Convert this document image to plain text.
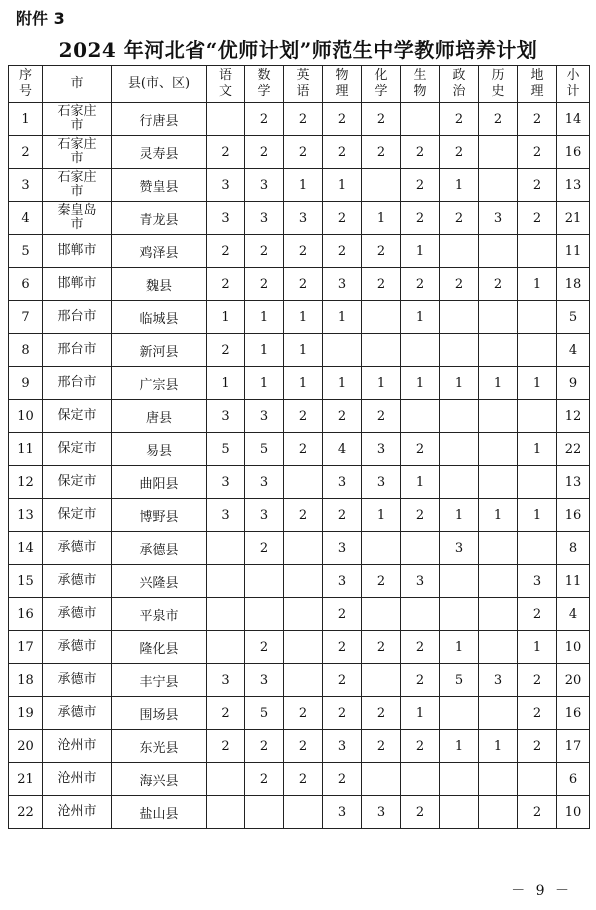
附件 3
2024 年河北省“优师计划”师范生中学教师培养计划
序号	市	县(市、区)	语文	数学	英语	物理	化学	生物	政治	历史	地理	小计
1	石家庄市	行唐县		2	2	2	2		2	2	2	14
2	石家庄市	灵寿县	2	2	2	2	2	2	2		2	16
3	石家庄市	赞皇县	3	3	1	1		2	1		2	13
4	秦皇岛市	青龙县	3	3	3	2	1	2	2	3	2	21
5	邯郸市	鸡泽县	2	2	2	2	2	1				11
6	邯郸市	魏县	2	2	2	3	2	2	2	2	1	18
7	邢台市	临城县	1	1	1	1		1				5
8	邢台市	新河县	2	1	1							4
9	邢台市	广宗县	1	1	1	1	1	1	1	1	1	9
10	保定市	唐县	3	3	2	2	2					12
11	保定市	易县	5	5	2	4	3	2			1	22
12	保定市	曲阳县	3	3		3	3	1				13
13	保定市	博野县	3	3	2	2	1	2	1	1	1	16
14	承德市	承德县		2		3			3			8
15	承德市	兴隆县				3	2	3			3	11
16	承德市	平泉市				2					2	4
17	承德市	隆化县		2		2	2	2	1		1	10
18	承德市	丰宁县	3	3		2		2	5	3	2	20
19	承德市	围场县	2	5	2	2	2	1			2	16
20	沧州市	东光县	2	2	2	3	2	2	1	1	2	17
21	沧州市	海兴县		2	2	2						6
22	沧州市	盐山县				3	3	2			2	10
－ 9 －
